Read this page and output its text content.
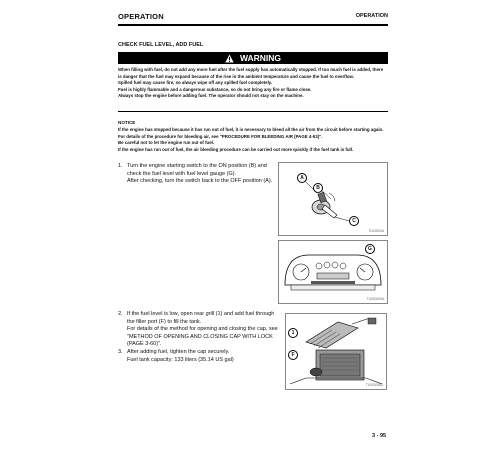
OPERATION	OPERATION
CHECK FUEL LEVEL, ADD FUEL
WARNING
When filling with fuel, do not add any more fuel after the fuel supply has automatically stopped. If too much fuel is added, there
is danger that the fuel may expand because of the rise in the ambient temperature and cause the fuel to overflow.
Spilled fuel may cause fire, so always wipe off any spilled fuel completely.
Fuel is highly flammable and a dangerous substance, so do not bring any fire or flame close.
Always stop the engine before adding fuel. The operator should not stay on the machine.
NOTICE
If the engine has stopped because it has run out of fuel, it is necessary to bleed all the air from the circuit before starting again.
For details of the procedure for bleeding air, see "PROCEDURE FOR BLEEDING AIR (PAGE 4-53)".
Be careful not to let the engine run out of fuel.
If the engine has run out of fuel, the air bleeding procedure can be carried out more quickly if the fuel tank is full.
1. Turn the engine starting switch to the ON position (B) and
check the fuel level with fuel level gauge (G).
After checking, turn the switch back to the OFF position (A).
A
B
C
TL00G00A
G
TL00G004A
2. If the fuel level is low, open rear grill (1) and add fuel through
the filler port (F) to fill the tank.
For details of the method for opening and closing the cap, see
"METHOD OF OPENING AND CLOSING CAP WITH LOCK
(PAGE 3-60)".
3. After adding fuel, tighten the cap securely.
Fuel tank capacity: 133 liters (35.14 US gal)
1
F
TL00G00A2
3 - 95
